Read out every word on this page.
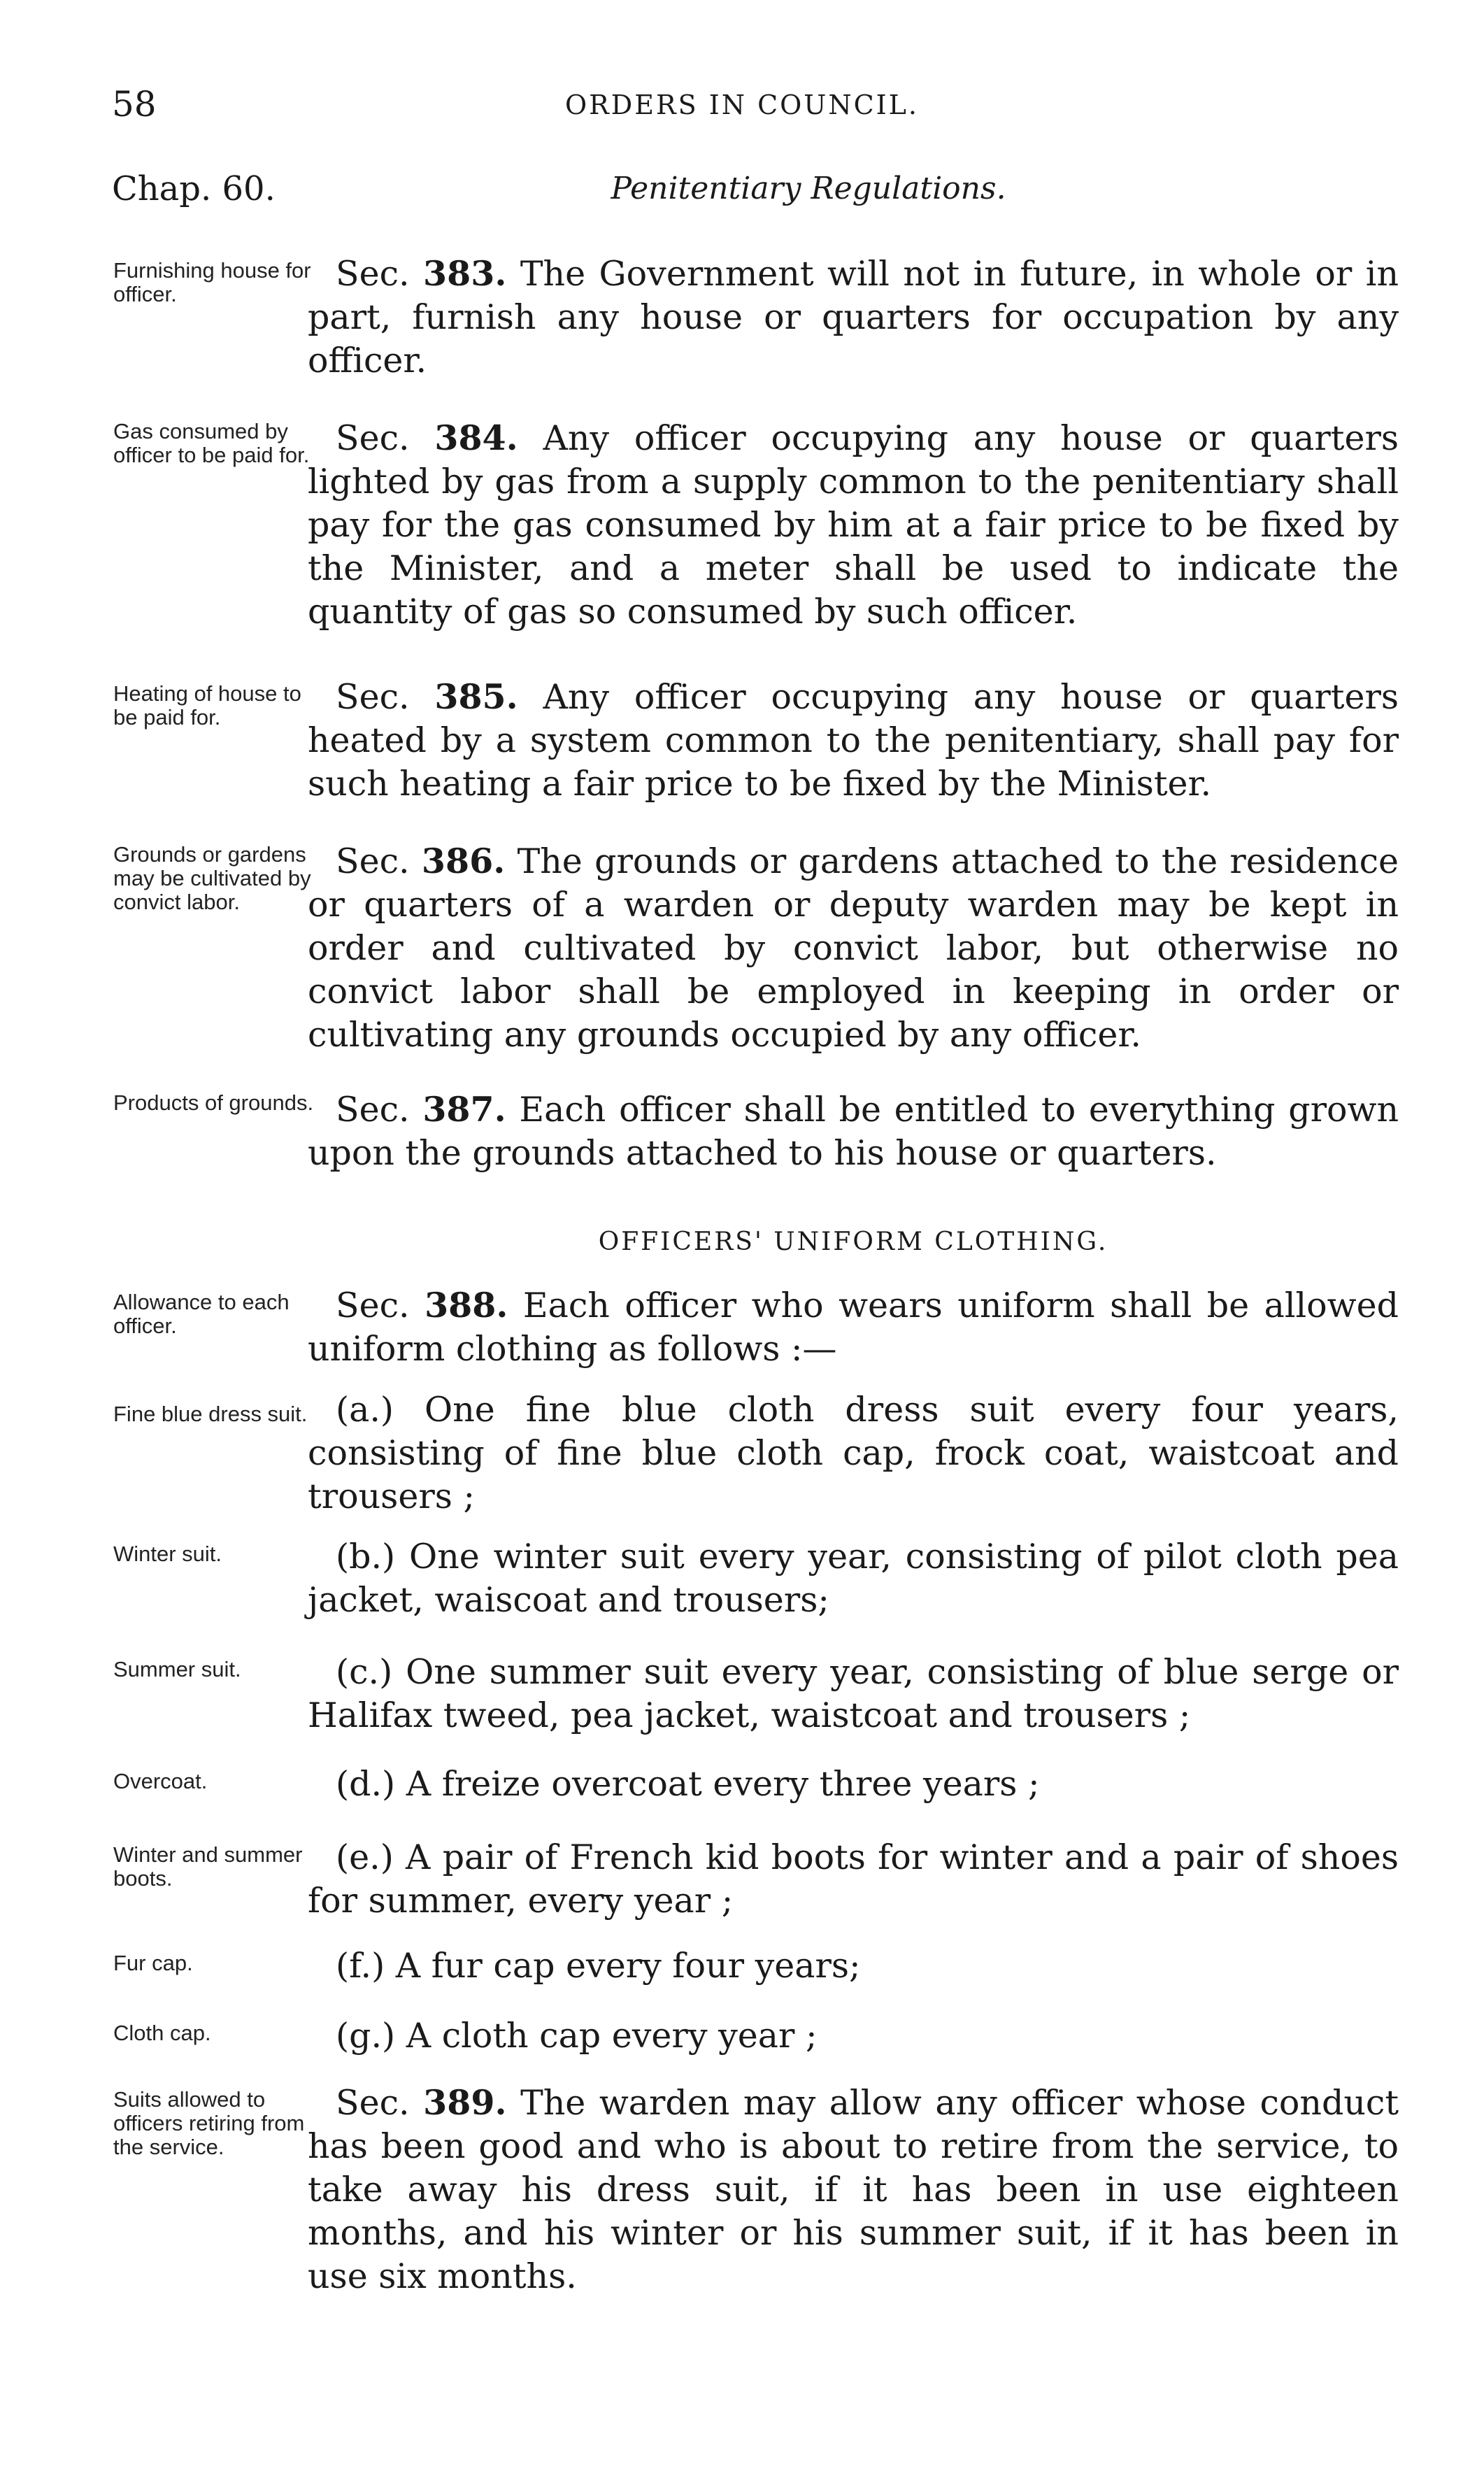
58	ORDERS IN COUNCIL.
Chap. 60.	Penitentiary Regulations.
Furnishing house for officer.
Sec. 383. The Government will not in future, in whole or in part, furnish any house or quarters for occupation by any officer.
Gas consumed by officer to be paid for. Sec. 384. Any officer occupying any house or quarters lighted by gas from a supply common to the penitentiary shall pay for the gas consumed by him at a fair price to be fixed by the Minister, and a meter shall be used to indicate the quantity of gas so consumed by such officer.
Heating of house to be paid for.
Sec. 385. Any officer occupying any house or quarters heated by a system common to the penitentiary, shall pay for such heating a fair price to be fixed by the Minister.
Grounds or gardens may be cultivated by convict labor.
Sec. 386. The grounds or gardens attached to the residence or quarters of a warden or deputy warden may be kept in order and cultivated by convict labor, but otherwise no convict labor shall be employed in keeping in order or cultivating any grounds occupied by any officer.
Products of grounds. Sec. 387. Each officer shall be entitled to everything grown upon the grounds attached to his house or quarters.
OFFICERS' UNIFORM CLOTHING.
Allowance to each officer.
Sec. 388. Each officer who wears uniform shall be allowed uniform clothing as follows :—
Fine blue dress suit. (a.) One fine blue cloth dress suit every four years, consisting of fine blue cloth cap, frock coat, waistcoat and trousers ;
Winter suit.	(b.) One winter suit every year, consisting of pilot cloth pea jacket, waiscoat and trousers;
Summer suit.	(c.) One summer suit every year, consisting of blue serge or Halifax tweed, pea jacket, waistcoat and trousers ;
Overcoat.	(d.) A freize overcoat every three years ;
Winter and summer boots.
(e.) A pair of French kid boots for winter and a pair of shoes for summer, every year ;
Fur cap.	(f.) A fur cap every four years;
Cloth cap.	(g.) A cloth cap every year ;
Suits allowed to officers retiring from the service.
Sec. 389. The warden may allow any officer whose conduct has been good and who is about to retire from the service, to take away his dress suit, if it has been in use eighteen months, and his winter or his summer suit, if it has been in use six months.
